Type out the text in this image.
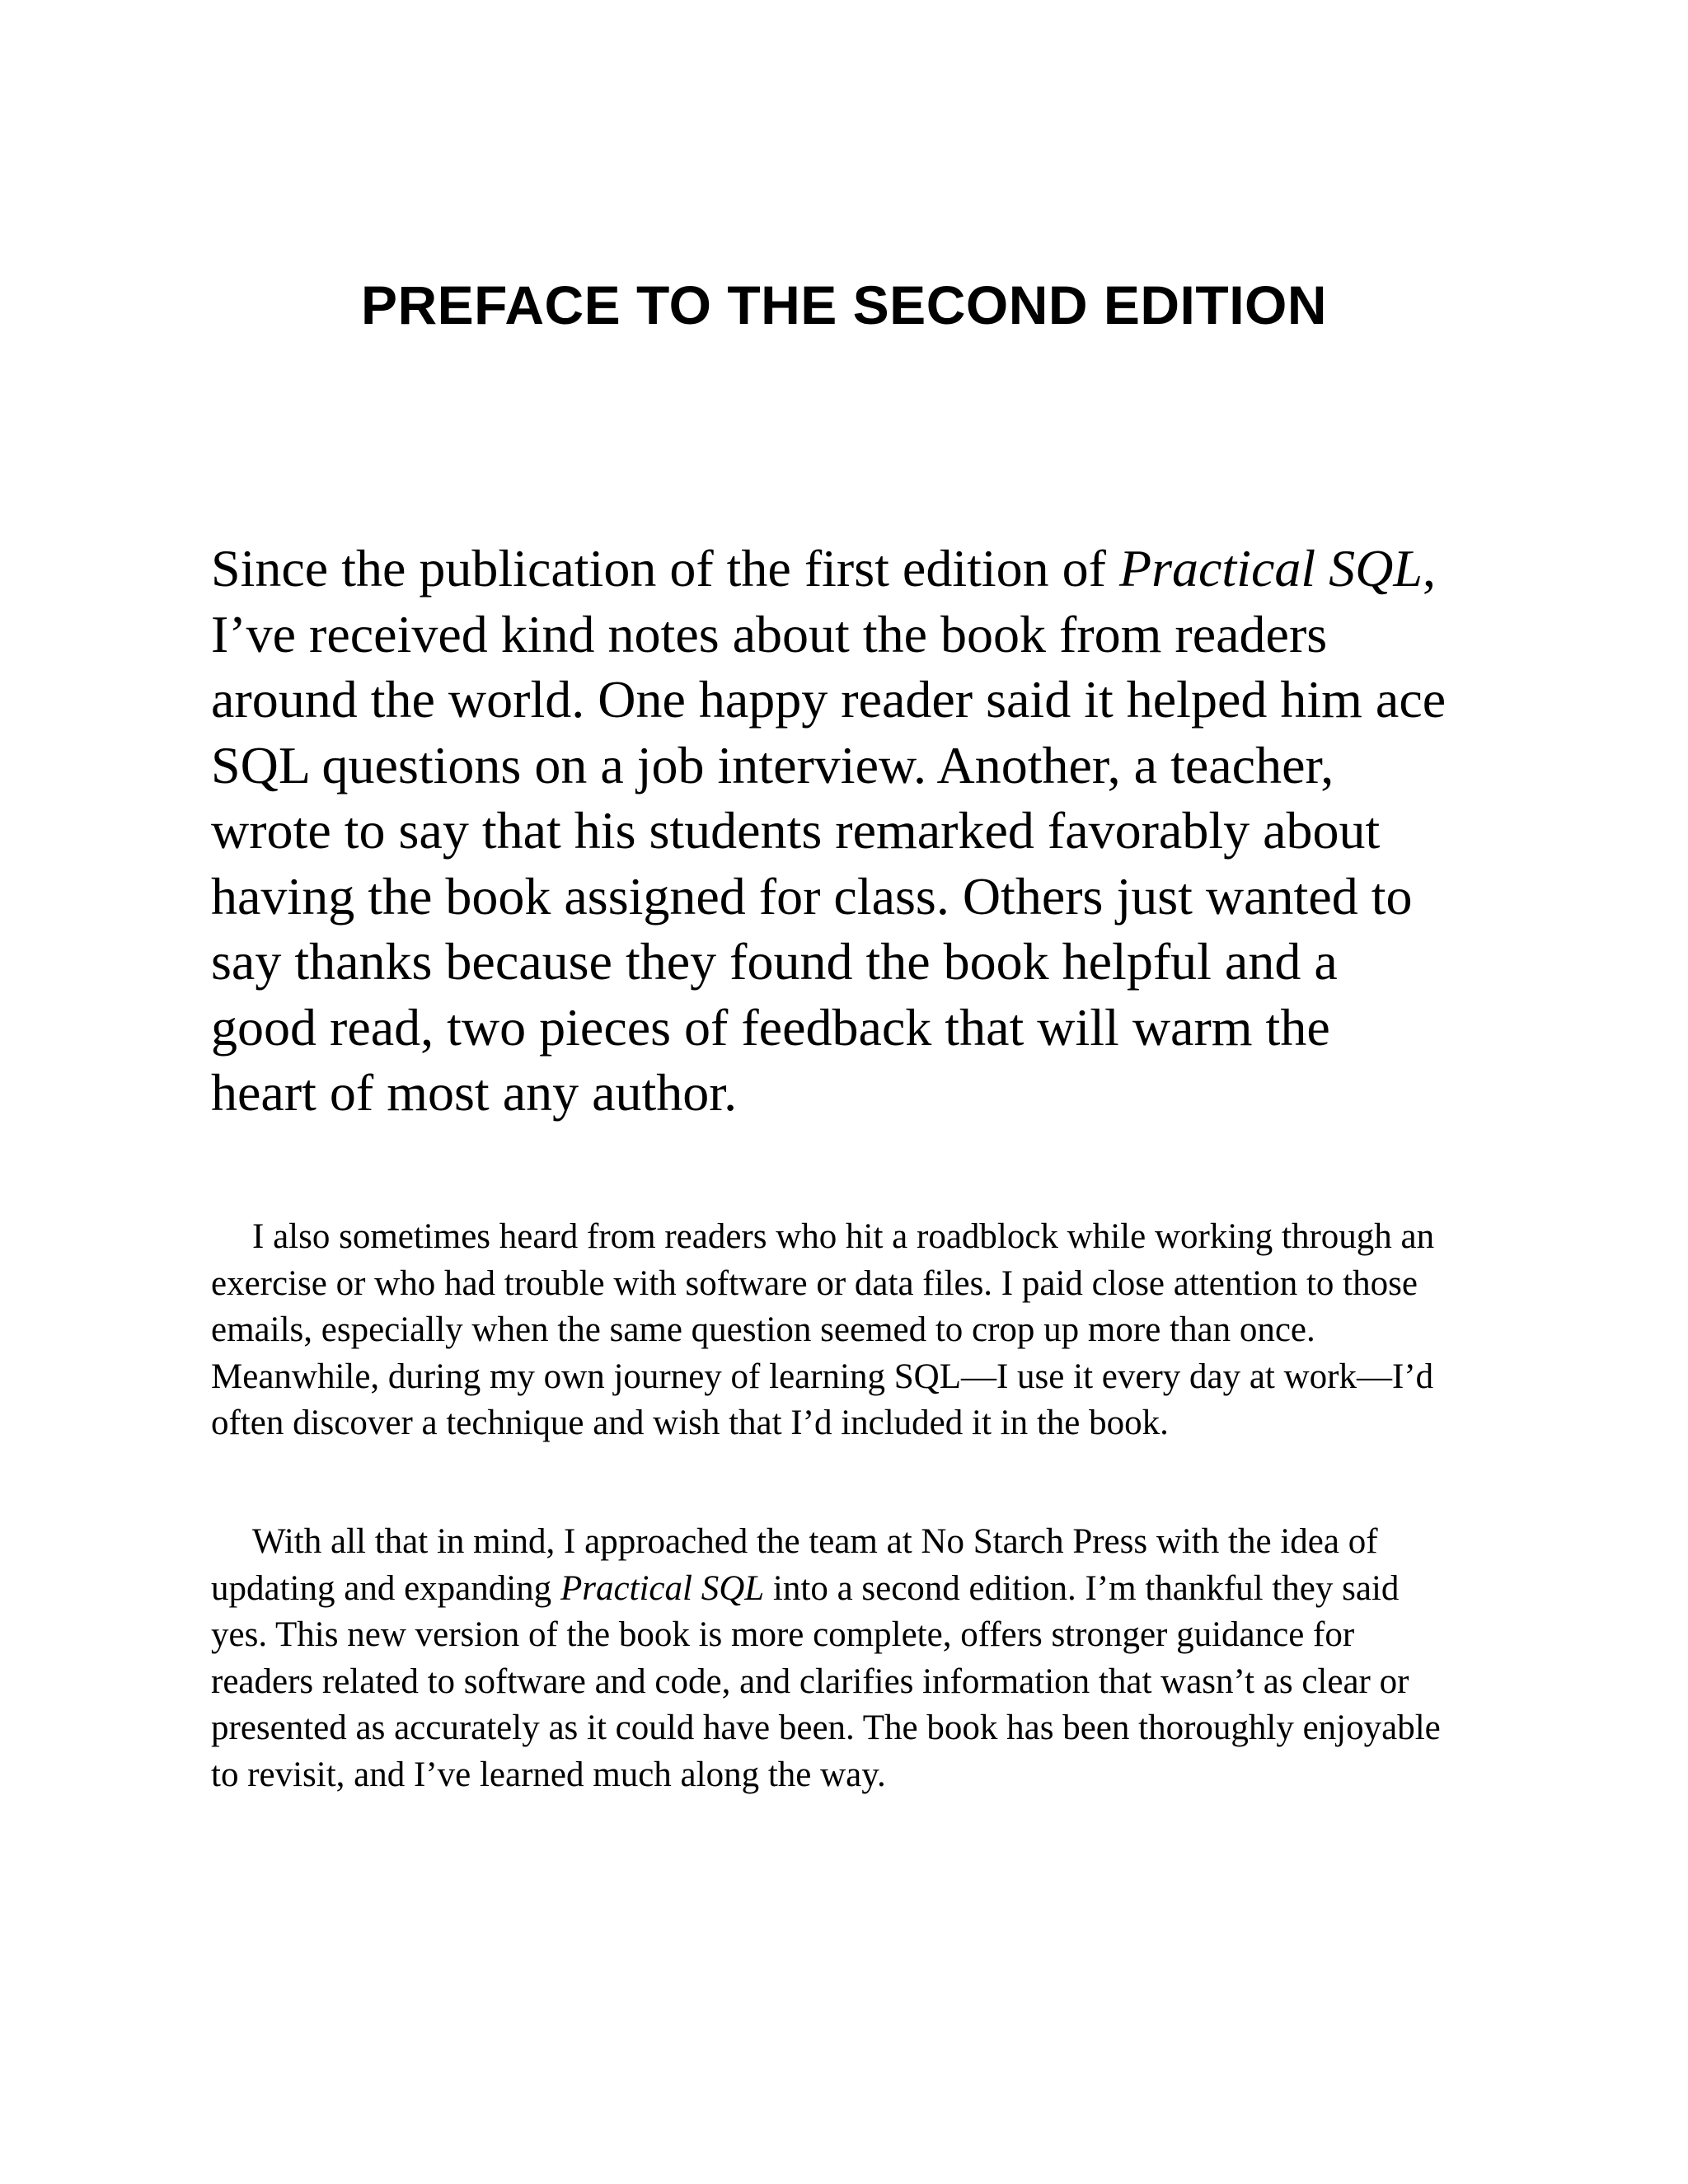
PREFACE TO THE SECOND EDITION

Since the publication of the first edition of Practical SQL, I’ve received kind notes about the book from readers around the world. One happy reader said it helped him ace SQL questions on a job interview. Another, a teacher, wrote to say that his students remarked favorably about having the book assigned for class. Others just wanted to say thanks because they found the book helpful and a good read, two pieces of feedback that will warm the heart of most any author.

I also sometimes heard from readers who hit a roadblock while working through an exercise or who had trouble with software or data files. I paid close attention to those emails, especially when the same question seemed to crop up more than once. Meanwhile, during my own journey of learning SQL—I use it every day at work—I’d often discover a technique and wish that I’d included it in the book.

With all that in mind, I approached the team at No Starch Press with the idea of updating and expanding Practical SQL into a second edition. I’m thankful they said yes. This new version of the book is more complete, offers stronger guidance for readers related to software and code, and clarifies information that wasn’t as clear or presented as accurately as it could have been. The book has been thoroughly enjoyable to revisit, and I’ve learned much along the way.
